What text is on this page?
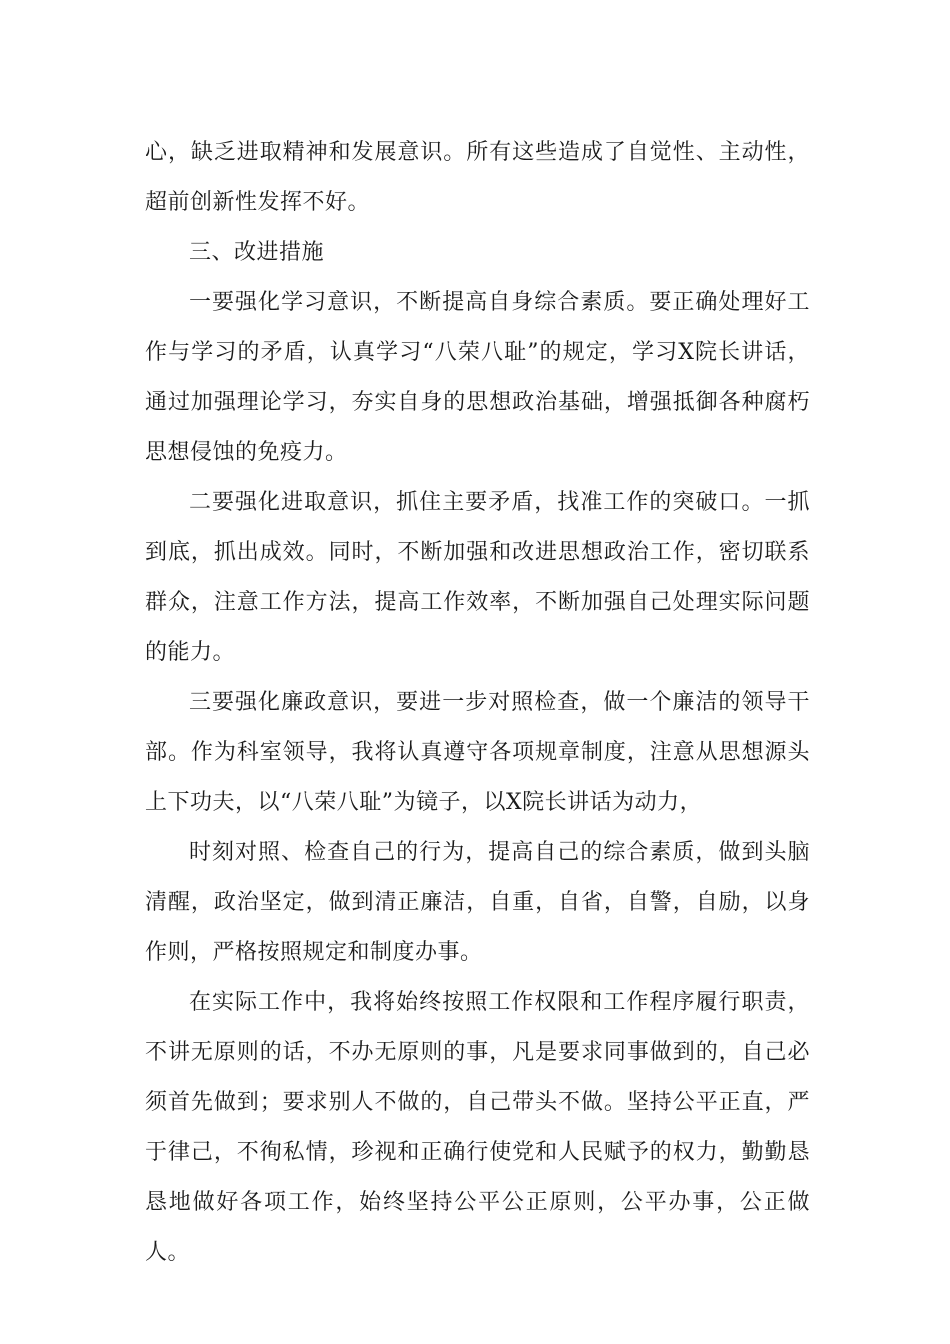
心，缺乏进取精神和发展意识。所有这些造成了自觉性、主动性，超前创新性发挥不好。

三、改进措施

一要强化学习意识，不断提高自身综合素质。要正确处理好工作与学习的矛盾，认真学习“八荣八耻”的规定，学习X院长讲话，通过加强理论学习，夯实自身的思想政治基础，增强抵御各种腐朽思想侵蚀的免疫力。

二要强化进取意识，抓住主要矛盾，找准工作的突破口。一抓到底，抓出成效。同时，不断加强和改进思想政治工作，密切联系群众，注意工作方法，提高工作效率，不断加强自己处理实际问题的能力。

三要强化廉政意识，要进一步对照检查，做一个廉洁的领导干部。作为科室领导，我将认真遵守各项规章制度，注意从思想源头上下功夫，以“八荣八耻”为镜子，以X院长讲话为动力，

时刻对照、检查自己的行为，提高自己的综合素质，做到头脑清醒，政治坚定，做到清正廉洁，自重，自省，自警，自励，以身作则，严格按照规定和制度办事。

在实际工作中，我将始终按照工作权限和工作程序履行职责，不讲无原则的话，不办无原则的事，凡是要求同事做到的，自己必须首先做到；要求别人不做的，自己带头不做。坚持公平正直，严于律己，不徇私情，珍视和正确行使党和人民赋予的权力，勤勤恳恳地做好各项工作，始终坚持公平公正原则，公平办事，公正做人。
